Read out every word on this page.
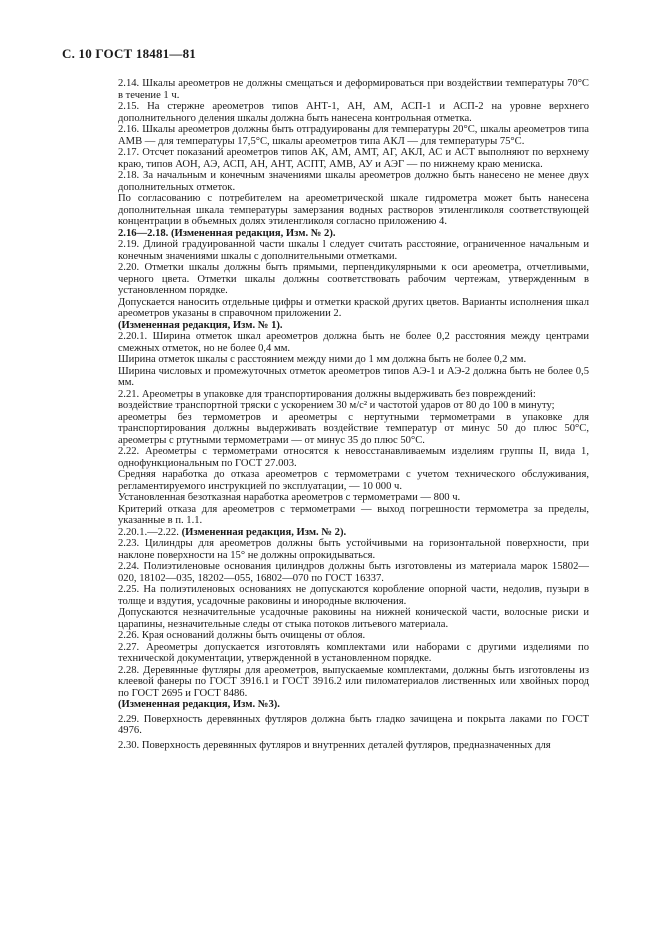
С. 10 ГОСТ 18481—81

2.14. Шкалы ареометров не должны смещаться и деформироваться при воздействии температуры 70°С в течение 1 ч.

2.15. На стержне ареометров типов АНТ-1, АН, AM, АСП-1 и АСП-2 на уровне верхнего дополнительного деления шкалы должна быть нанесена контрольная отметка.

2.16. Шкалы ареометров должны быть отградуированы для температуры 20°С, шкалы ареометров типа АМВ — для температуры 17,5°С, шкалы ареометров типа АКЛ — для температуры 75°С.

2.17. Отсчет показаний ареометров типов АК, AM, АМТ, АГ, АКЛ, АС и АСТ выполняют по верхнему краю, типов АОН, АЭ, АСП, АН, АНТ, АСПТ, АМВ, АУ и АЭГ — по нижнему краю мениска.

2.18. За начальным и конечным значениями шкалы ареометров должно быть нанесено не менее двух дополнительных отметок.

По согласованию с потребителем на ареометрической шкале гидрометра может быть нанесена дополнительная шкала температуры замерзания водных растворов этиленгликоля соответствующей концентрации в объемных долях этиленгликоля согласно приложению 4.

2.16—2.18. (Измененная редакция, Изм. № 2).

2.19. Длиной градуированной части шкалы l следует считать расстояние, ограниченное начальным и конечным значениями шкалы с дополнительными отметками.

2.20. Отметки шкалы должны быть прямыми, перпендикулярными к оси ареометра, отчетливыми, черного цвета. Отметки шкалы должны соответствовать рабочим чертежам, утвержденным в установленном порядке.

Допускается наносить отдельные цифры и отметки краской других цветов. Варианты исполнения шкал ареометров указаны в справочном приложении 2.

(Измененная редакция, Изм. № 1).

2.20.1. Ширина отметок шкал ареометров должна быть не более 0,2 расстояния между центрами смежных отметок, но не более 0,4 мм.

Ширина отметок шкалы с расстоянием между ними до 1 мм должна быть не более 0,2 мм.

Ширина числовых и промежуточных отметок ареометров типов АЭ-1 и АЭ-2 должна быть не более 0,5 мм.

2.21. Ареометры в упаковке для транспортирования должны выдерживать без повреждений:

воздействие транспортной тряски с ускорением 30 м/с² и частотой ударов от 80 до 100 в минуту;

ареометры без термометров и ареометры с нертутными термометрами в упаковке для транспортирования должны выдерживать воздействие температур от минус 50 до плюс 50°С, ареометры с ртутными термометрами — от минус 35 до плюс 50°С.

2.22. Ареометры с термометрами относятся к невосстанавливаемым изделиям группы II, вида 1, однофункциональным по ГОСТ 27.003.

Средняя наработка до отказа ареометров с термометрами с учетом технического обслуживания, регламентируемого инструкцией по эксплуатации, — 10 000 ч.

Установленная безотказная наработка ареометров с термометрами — 800 ч.

Критерий отказа для ареометров с термометрами — выход погрешности термометра за пределы, указанные в п. 1.1.

2.20.1.—2.22. (Измененная редакция, Изм. № 2).

2.23. Цилиндры для ареометров должны быть устойчивыми на горизонтальной поверхности, при наклоне поверхности на 15° не должны опрокидываться.

2.24. Полиэтиленовые основания цилиндров должны быть изготовлены из материала марок 15802—020, 18102—035, 18202—055, 16802—070 по ГОСТ 16337.

2.25. На полиэтиленовых основаниях не допускаются коробление опорной части, недолив, пузыри в толще и вздутия, усадочные раковины и инородные включения.

Допускаются незначительные усадочные раковины на нижней конической части, волосные риски и царапины, незначительные следы от стыка потоков литьевого материала.

2.26. Края оснований должны быть очищены от облоя.

2.27. Ареометры допускается изготовлять комплектами или наборами с другими изделиями по технической документации, утвержденной в установленном порядке.

2.28. Деревянные футляры для ареометров, выпускаемые комплектами, должны быть изготовлены из клеевой фанеры по ГОСТ 3916.1 и ГОСТ 3916.2 или пиломатериалов лиственных или хвойных пород по ГОСТ 2695 и ГОСТ 8486.

(Измененная редакция, Изм. №3).

2.29. Поверхность деревянных футляров должна быть гладко зачищена и покрыта лаками по ГОСТ 4976.

2.30. Поверхность деревянных футляров и внутренних деталей футляров, предназначенных для
